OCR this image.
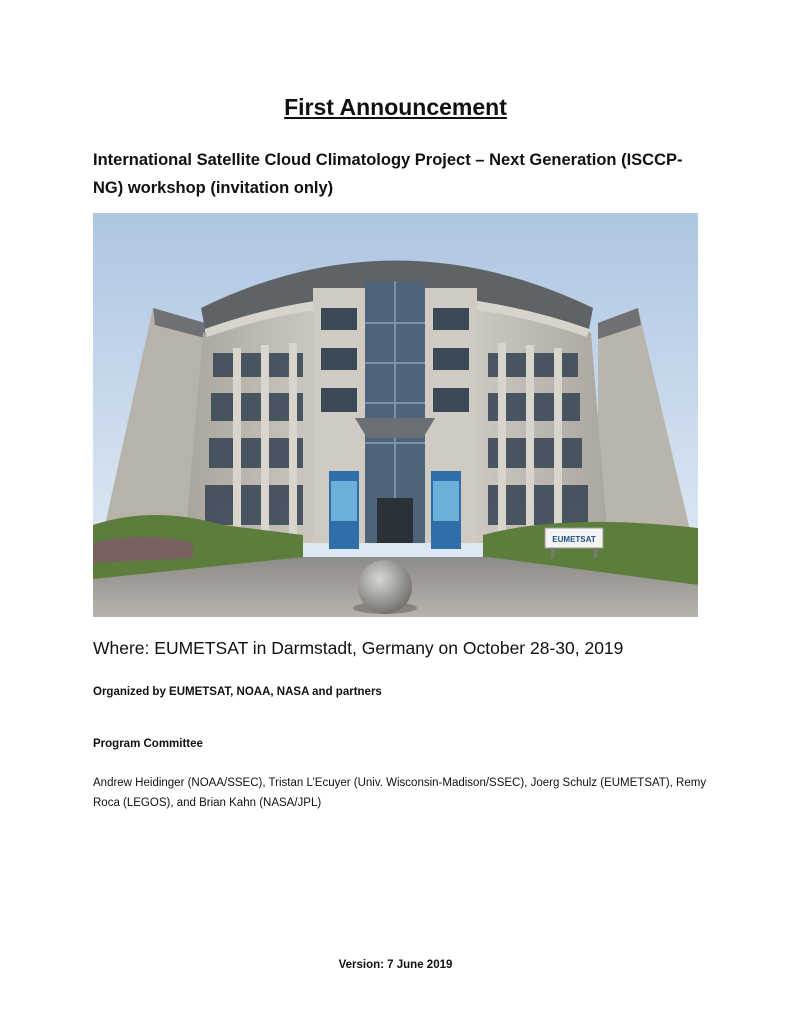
First Announcement

International Satellite Cloud Climatology Project – Next Generation (ISCCP-NG) workshop (invitation only)

EUMETSAT

Where: EUMETSAT in Darmstadt, Germany on October 28-30, 2019

Organized by EUMETSAT, NOAA, NASA and partners

Program Committee

Andrew Heidinger (NOAA/SSEC), Tristan L’Ecuyer (Univ. Wisconsin-Madison/SSEC), Joerg Schulz (EUMETSAT), Remy Roca (LEGOS), and Brian Kahn (NASA/JPL)

Version: 7 June 2019
